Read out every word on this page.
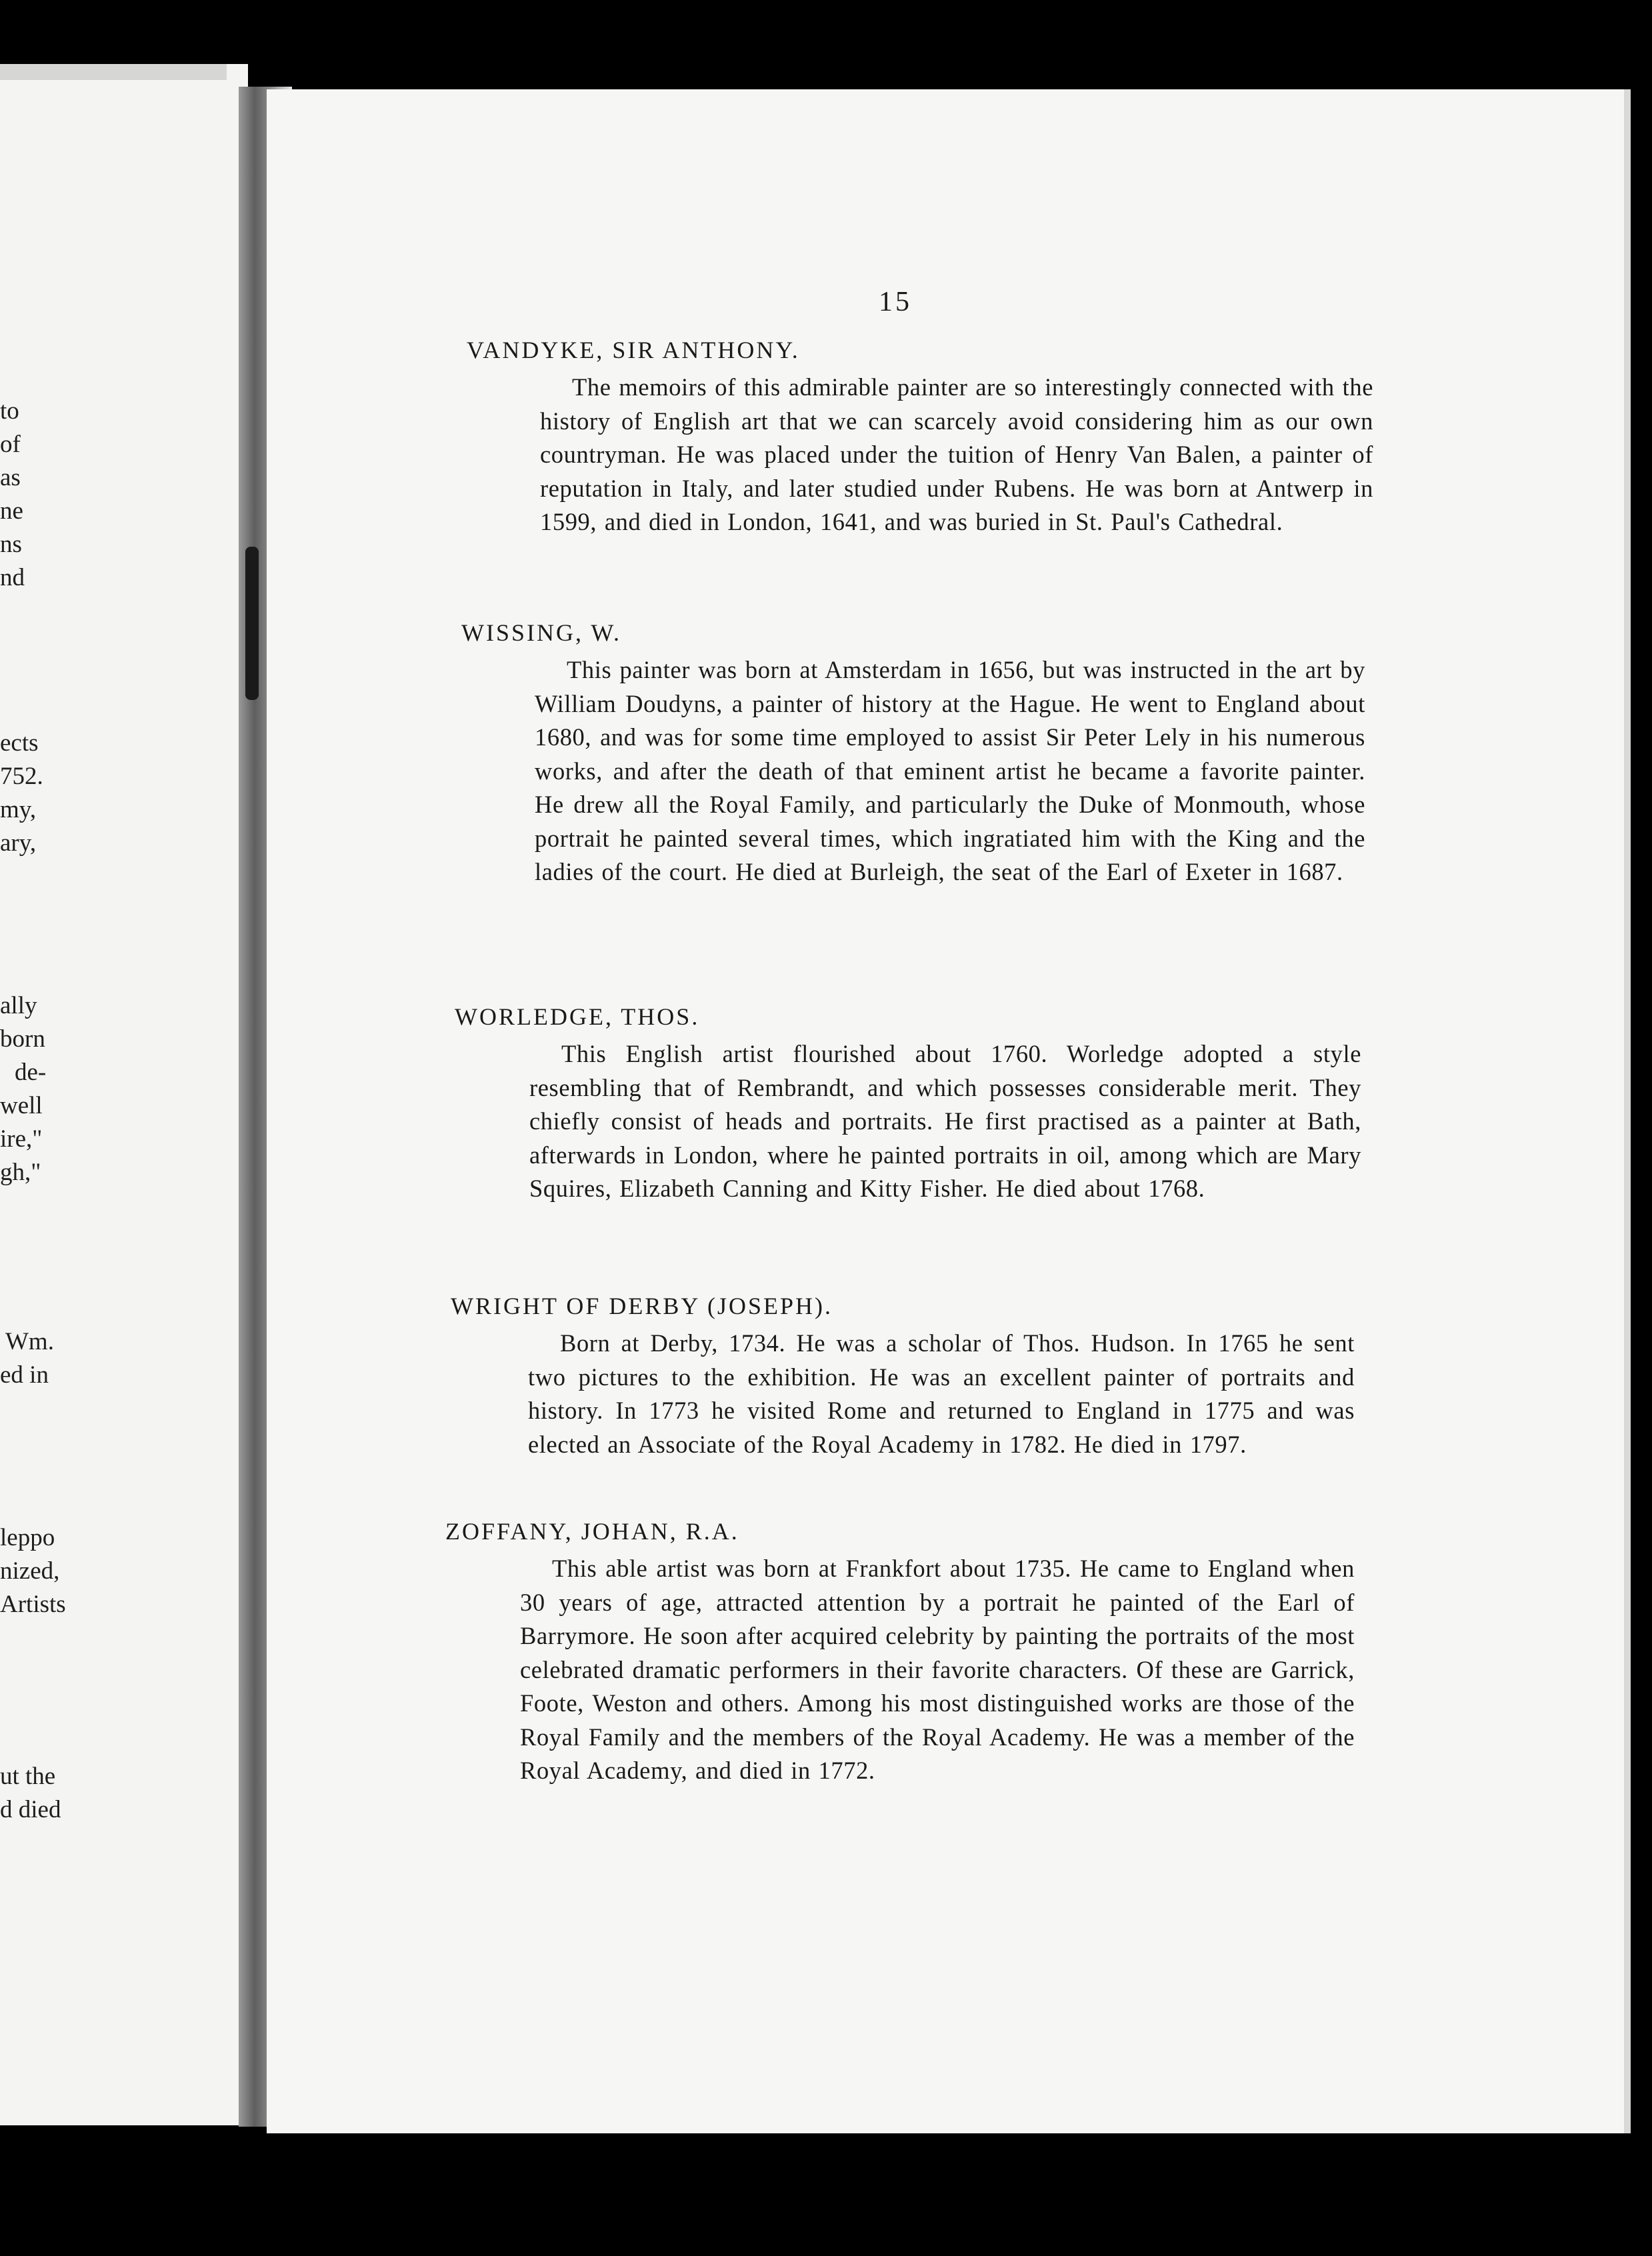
to
of
as
ne
ns
nd
ects
752.
my,
ary,
ally
born
de-
well
ire,"
gh,"
Wm.
ed in
leppo
nized,
Artists
ut the
d died
15
VANDYKE, SIR ANTHONY.

The memoirs of this admirable painter are so interestingly connected with the history of English art that we can scarcely avoid considering him as our own countryman. He was placed under the tuition of Henry Van Balen, a painter of reputation in Italy, and later studied under Rubens. He was born at Antwerp in 1599, and died in London, 1641, and was buried in St. Paul's Cathedral.

WISSING, W.

This painter was born at Amsterdam in 1656, but was instructed in the art by William Doudyns, a painter of history at the Hague. He went to England about 1680, and was for some time employed to assist Sir Peter Lely in his numerous works, and after the death of that eminent artist he became a favorite painter. He drew all the Royal Family, and particularly the Duke of Monmouth, whose portrait he painted several times, which ingratiated him with the King and the ladies of the court. He died at Burleigh, the seat of the Earl of Exeter in 1687.

WORLEDGE, THOS.

This English artist flourished about 1760. Worledge adopted a style resembling that of Rembrandt, and which possesses considerable merit. They chiefly consist of heads and portraits. He first practised as a painter at Bath, afterwards in London, where he painted portraits in oil, among which are Mary Squires, Elizabeth Canning and Kitty Fisher. He died about 1768.

WRIGHT OF DERBY (JOSEPH).

Born at Derby, 1734. He was a scholar of Thos. Hudson. In 1765 he sent two pictures to the exhibition. He was an excellent painter of portraits and history. In 1773 he visited Rome and returned to England in 1775 and was elected an Associate of the Royal Academy in 1782. He died in 1797.

ZOFFANY, JOHAN, R.A.

This able artist was born at Frankfort about 1735. He came to England when 30 years of age, attracted attention by a portrait he painted of the Earl of Barrymore. He soon after acquired celebrity by painting the portraits of the most celebrated dramatic performers in their favorite characters. Of these are Garrick, Foote, Weston and others. Among his most distinguished works are those of the Royal Family and the members of the Royal Academy. He was a member of the Royal Academy, and died in 1772.
